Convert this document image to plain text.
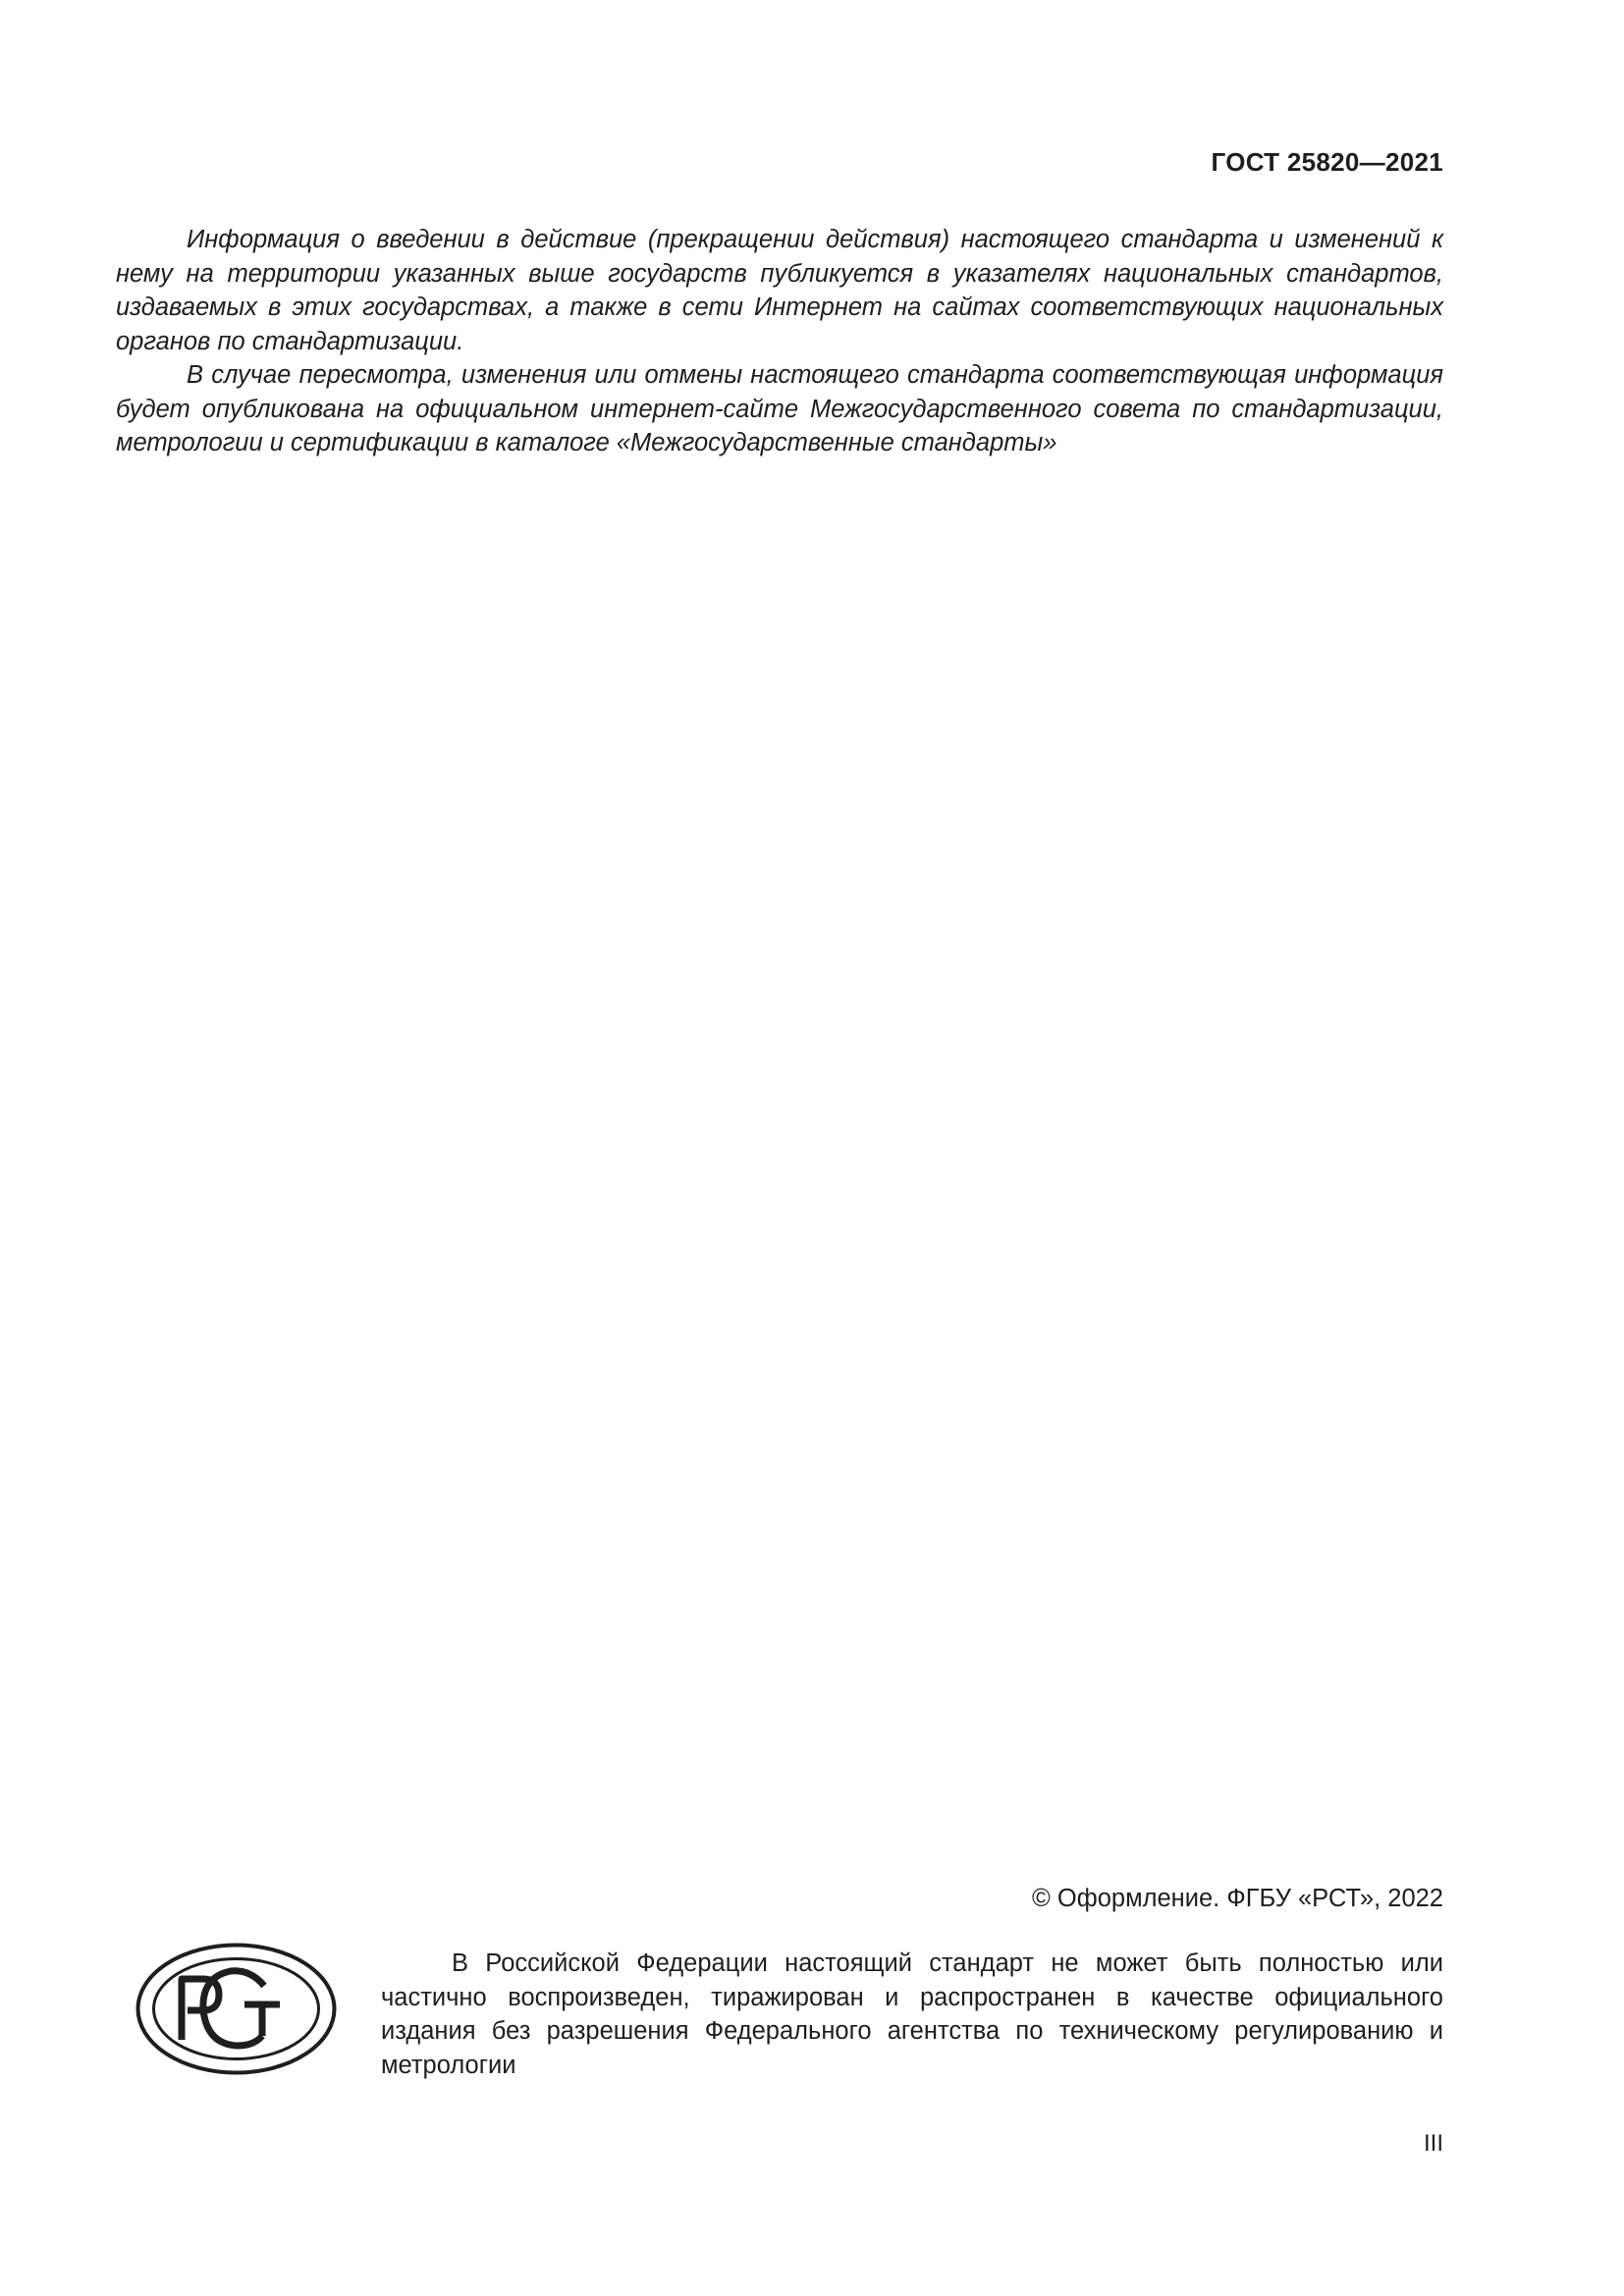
ГОСТ 25820—2021

Информация о введении в действие (прекращении действия) настоящего стандарта и изменений к нему на территории указанных выше государств публикуется в указателях национальных стандартов, издаваемых в этих государствах, а также в сети Интернет на сайтах соответствующих национальных органов по стандартизации.

В случае пересмотра, изменения или отмены настоящего стандарта соответствующая информация будет опубликована на официальном интернет-сайте Межгосударственного совета по стандартизации, метрологии и сертификации в каталоге «Межгосударственные стандарты»

© Оформление. ФГБУ «РСТ», 2022

В Российской Федерации настоящий стандарт не может быть полностью или частично воспроизведен, тиражирован и распространен в качестве официального издания без разрешения Федерального агентства по техническому регулированию и метрологии

III
